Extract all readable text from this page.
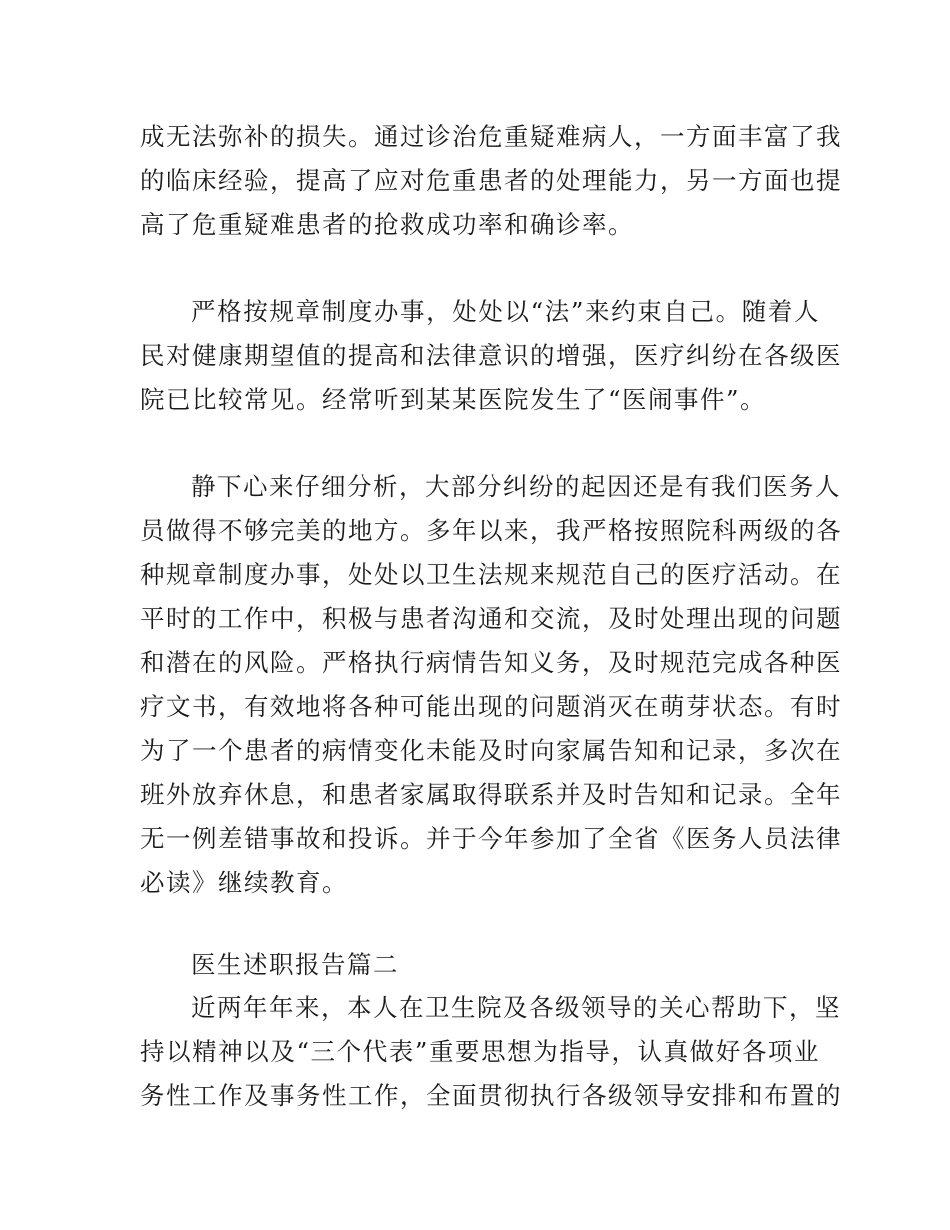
成无法弥补的损失。通过诊治危重疑难病人，一方面丰富了我
的临床经验，提高了应对危重患者的处理能力，另一方面也提
高了危重疑难患者的抢救成功率和确诊率。
严格按规章制度办事，处处以“法”来约束自己。随着人
民对健康期望值的提高和法律意识的增强，医疗纠纷在各级医
院已比较常见。经常听到某某医院发生了“医闹事件”。
静下心来仔细分析，大部分纠纷的起因还是有我们医务人
员做得不够完美的地方。多年以来，我严格按照院科两级的各
种规章制度办事，处处以卫生法规来规范自己的医疗活动。在
平时的工作中，积极与患者沟通和交流，及时处理出现的问题
和潜在的风险。严格执行病情告知义务，及时规范完成各种医
疗文书，有效地将各种可能出现的问题消灭在萌芽状态。有时
为了一个患者的病情变化未能及时向家属告知和记录，多次在
班外放弃休息，和患者家属取得联系并及时告知和记录。全年
无一例差错事故和投诉。并于今年参加了全省《医务人员法律
必读》继续教育。
医生述职报告篇二
近两年年来，本人在卫生院及各级领导的关心帮助下，坚
持以精神以及“三个代表”重要思想为指导，认真做好各项业
务性工作及事务性工作，全面贯彻执行各级领导安排和布置的
